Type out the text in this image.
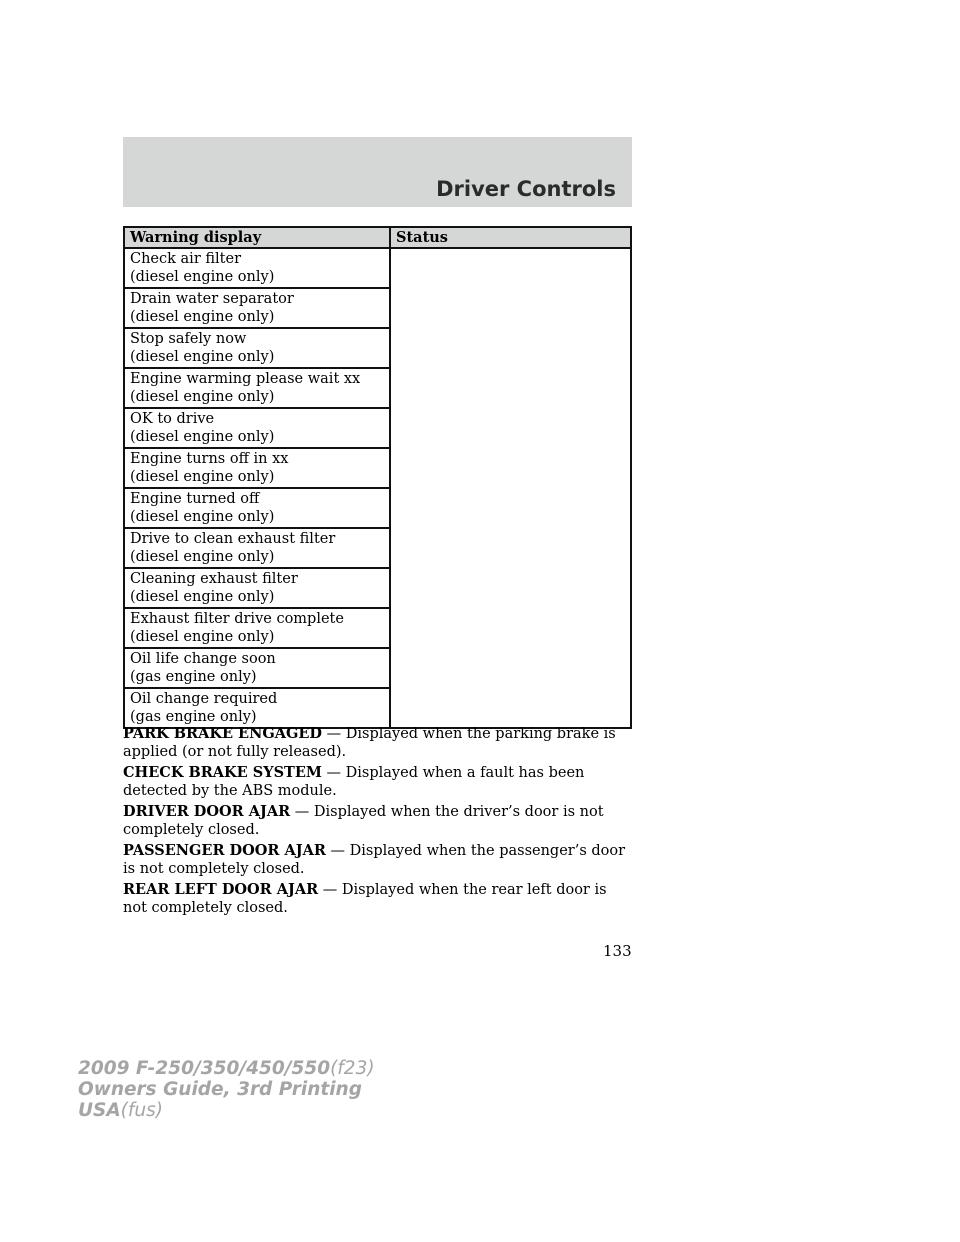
Driver Controls
Warning display	Status

Check air filter
(diesel engine only)	

Drain water separator
(diesel engine only)	

Stop safely now
(diesel engine only)	

Engine warming please wait xx
(diesel engine only)	

OK to drive
(diesel engine only)	

Engine turns off in xx
(diesel engine only)	

Engine turned off
(diesel engine only)	

Drive to clean exhaust filter
(diesel engine only)	

Cleaning exhaust filter
(diesel engine only)	

Exhaust filter drive complete
(diesel engine only)	

Oil life change soon
(gas engine only)	

Oil change required
(gas engine only)	

PARK BRAKE ENGAGED — Displayed when the parking brake is applied (or not fully released).

CHECK BRAKE SYSTEM — Displayed when a fault has been detected by the ABS module.

DRIVER DOOR AJAR — Displayed when the driver’s door is not completely closed.

PASSENGER DOOR AJAR — Displayed when the passenger’s door is not completely closed.

REAR LEFT DOOR AJAR — Displayed when the rear left door is not completely closed.

133

2009 F-250/350/450/550(f23)
Owners Guide, 3rd Printing
USA(fus)
